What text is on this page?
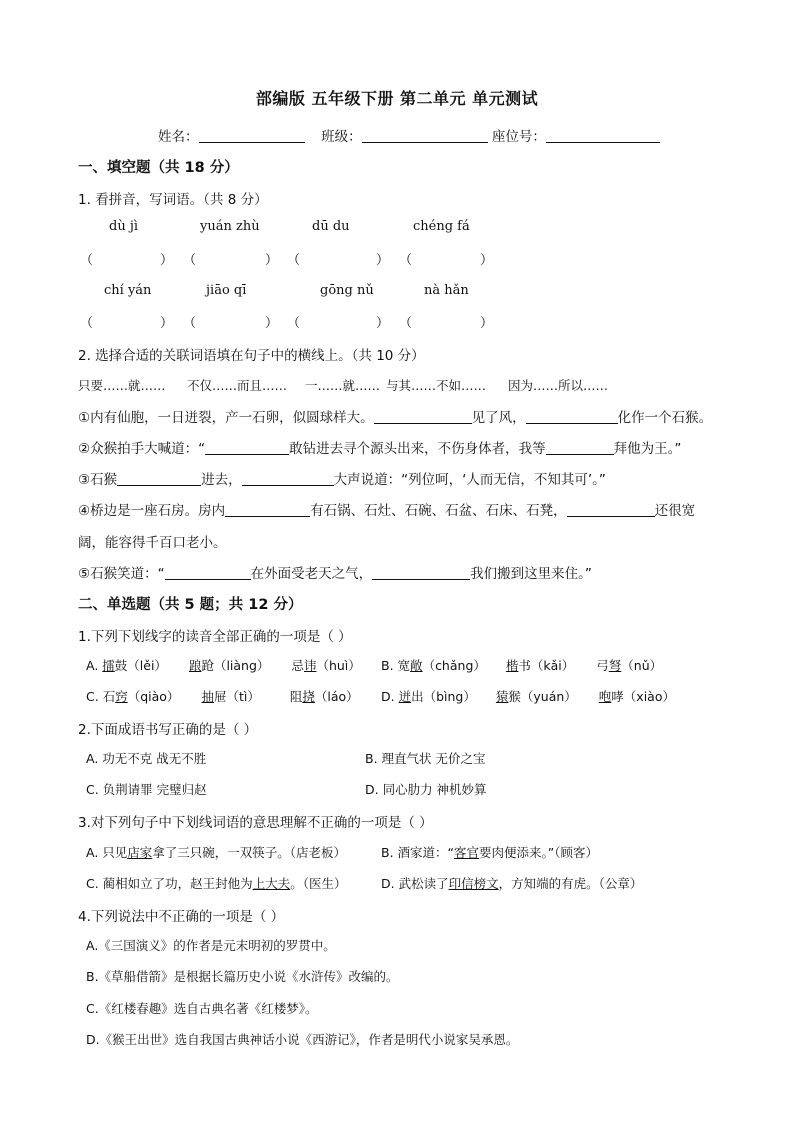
部编版 五年级下册 第二单元 单元测试
姓名：	班级：	座位号：
一、填空题（共 18 分）
1. 看拼音，写词语。（共 8 分）
dù jì	yuán zhù	dū du	chéng fá
（	） （	） （	） （	）
chí yán	jiāo qī	gōng nǔ	nà hǎn
（	） （	） （	） （	）
2. 选择合适的关联词语填在句子中的横线上。（共 10 分）
只要……就…… 不仅……而且…… 一……就…… 与其……不如…… 因为……所以……
①内有仙胞，一日迸裂，产一石卵，似圆球样大。	见了风，	化作一个石猴。
②众猴拍手大喊道：“	敢钻进去寻个源头出来，不伤身体者，我等	拜他为王。”
③石猴	进去，	大声说道：“列位呵，‘人而无信，不知其可’。”
④桥边是一座石房。房内	有石锅、石灶、石碗、石盆、石床、石凳，	还很宽
阔，能容得千百口老小。
⑤石猴笑道：“	在外面受老天之气，	我们搬到这里来住。”
二、单选题（共 5 题；共 12 分）
1.下列下划线字的读音全部正确的一项是（ ）
A. 擂鼓（lěi） 踉跄（liàng） 忌讳（huì） B. 宽敞（chǎng） 楷书（kǎi） 弓弩（nǔ）
C. 石窍（qiào） 抽屉（tì） 阻挠（láo） D. 迸出（bìng） 猿猴（yuán） 咆哮（xiào）
2.下面成语书写正确的是（ ）
A. 功无不克 战无不胜	B. 理直气状 无价之宝
C. 负荆请罪 完璧归赵	D. 同心肋力 神机妙算
3.对下列句子中下划线词语的意思理解不正确的一项是（ ）
A. 只见店家拿了三只碗，一双筷子。（店老板）	B. 酒家道：“客官要肉便添来。”（顾客）
C. 蔺相如立了功，赵王封他为上大夫。（医生）	D. 武松读了印信榜文，方知端的有虎。（公章）
4.下列说法中不正确的一项是（ ）
A.《三国演义》的作者是元末明初的罗贯中。
B.《草船借箭》是根据长篇历史小说《水浒传》改编的。
C.《红楼春趣》选自古典名著《红楼梦》。
D.《猴王出世》选自我国古典神话小说《西游记》，作者是明代小说家吴承恩。
